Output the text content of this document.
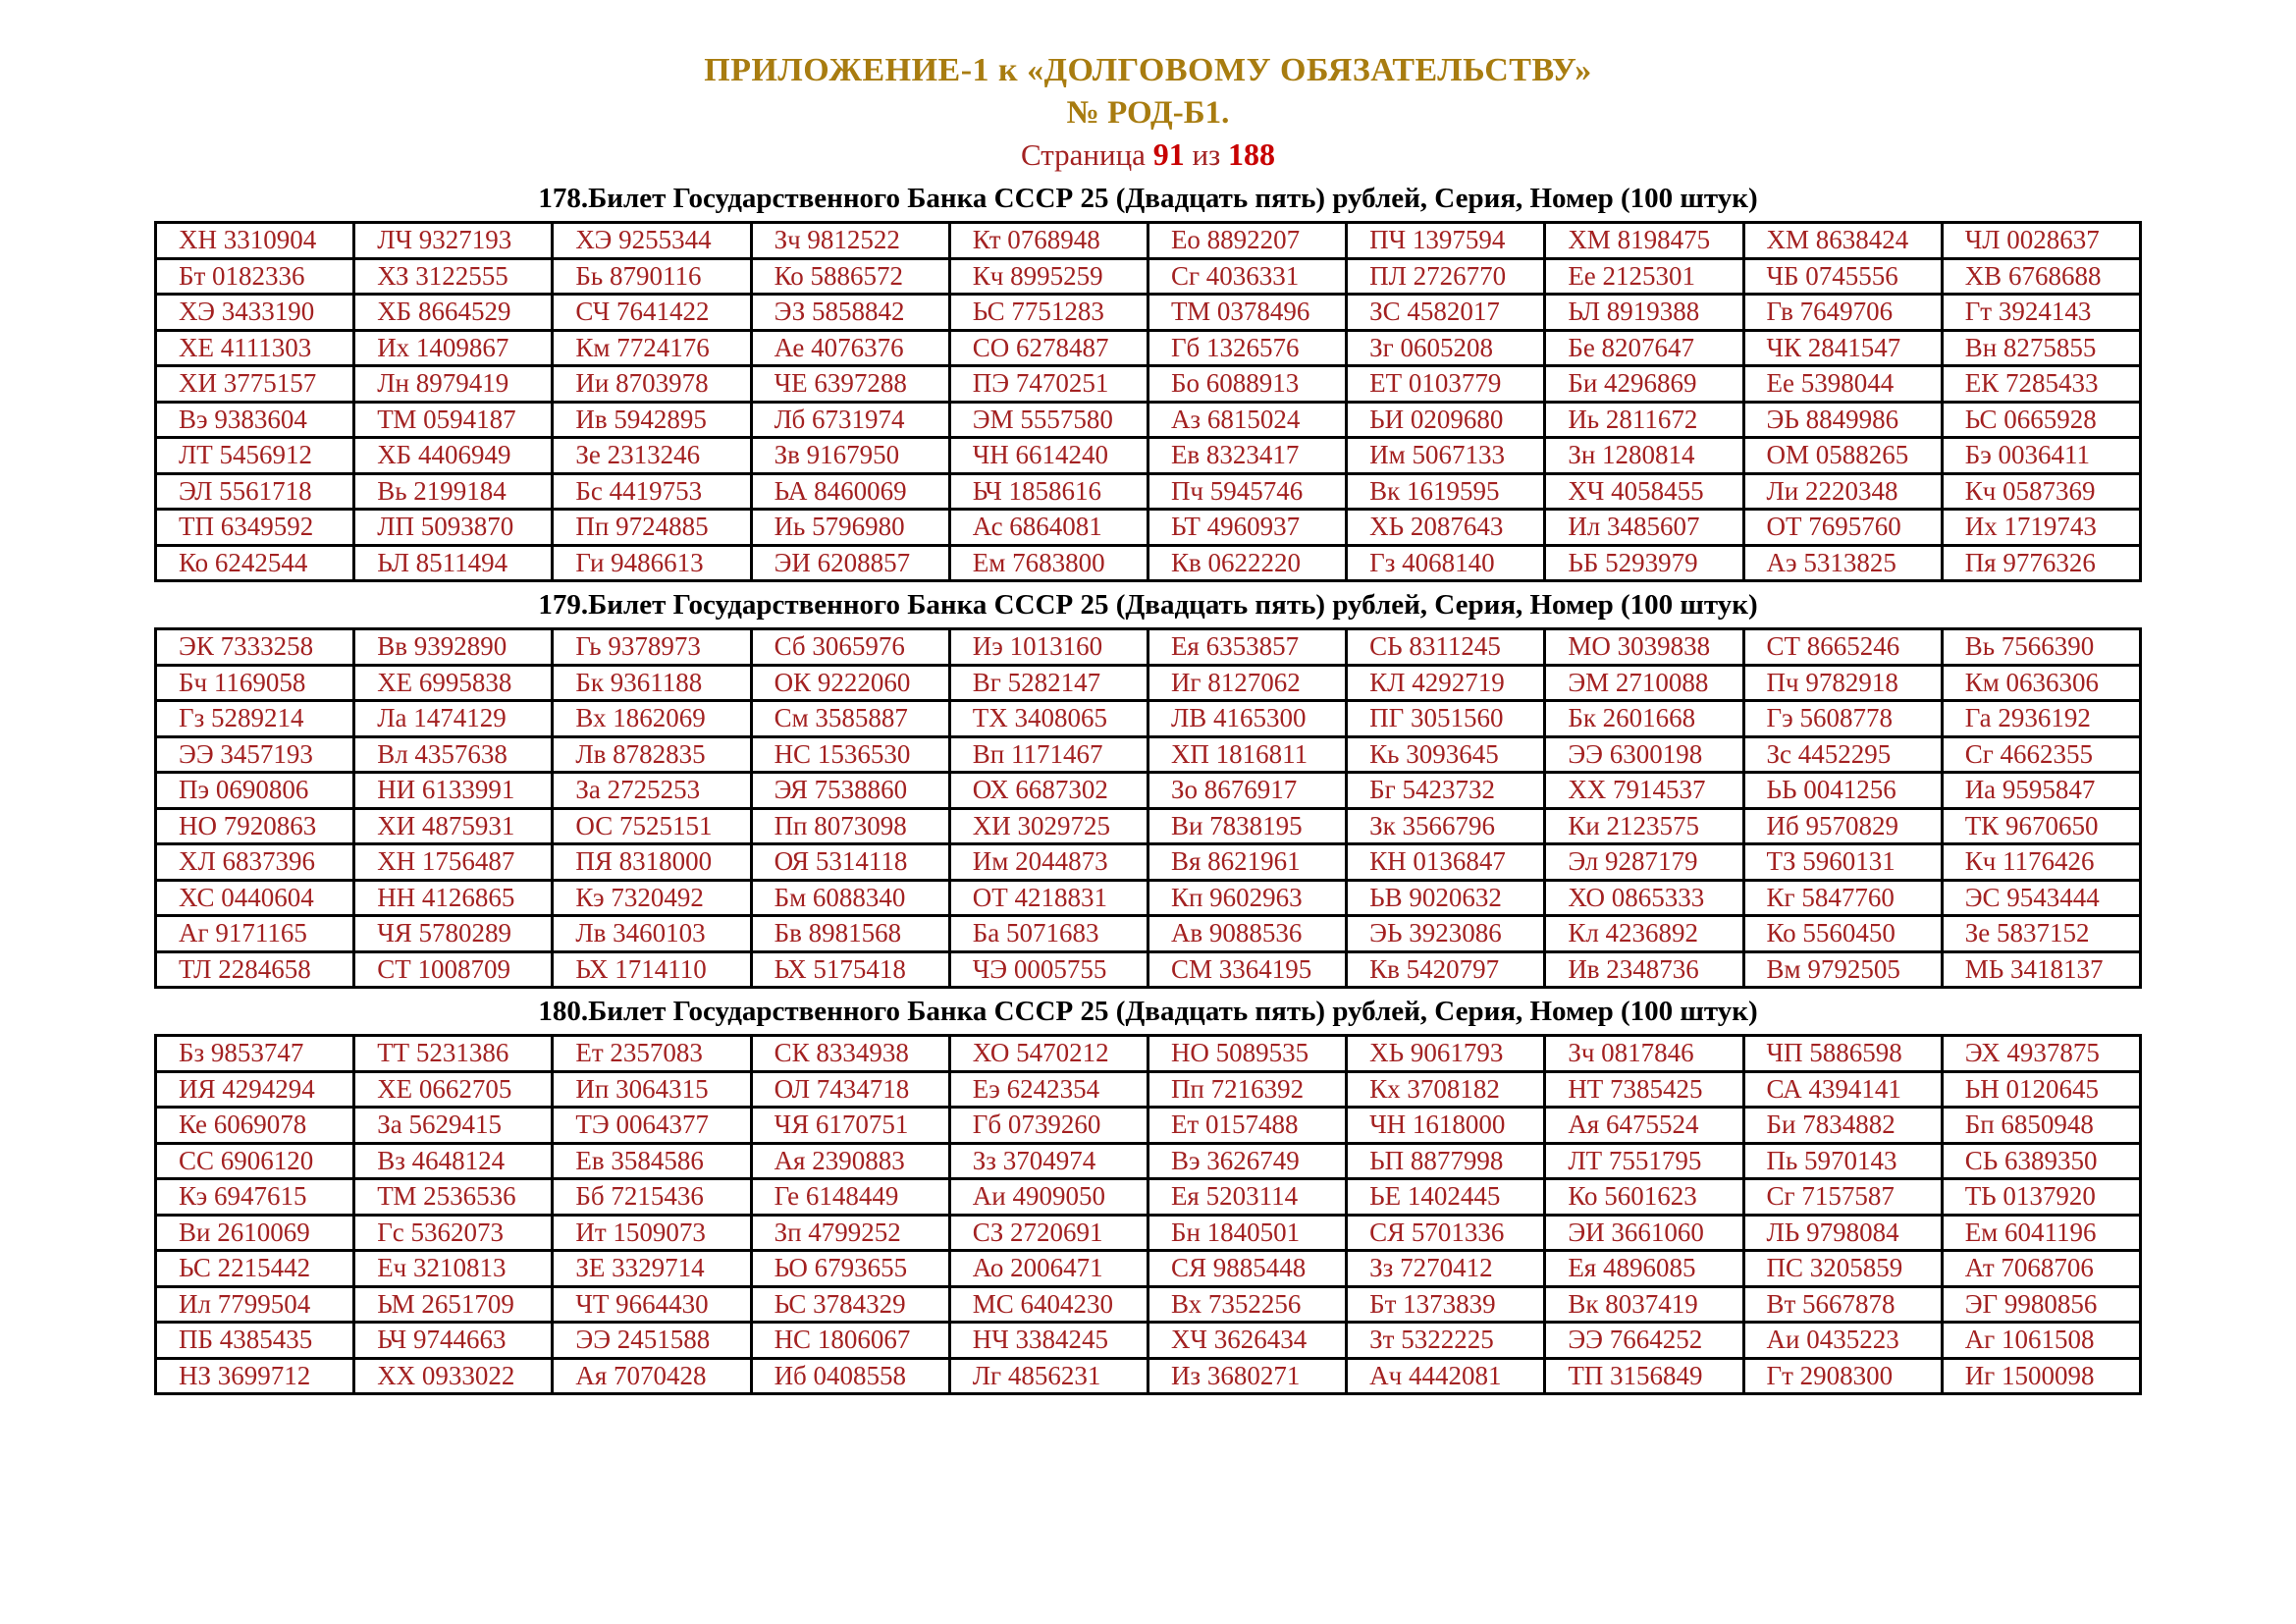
ПРИЛОЖЕНИЕ-1 к «ДОЛГОВОМУ ОБЯЗАТЕЛЬСТВУ»
№ РОД-Б1.
Страница 91 из 188
178.Билет Государственного Банка СССР 25 (Двадцать пять) рублей, Серия, Номер (100 штук)
ХН 3310904	ЛЧ 9327193	ХЭ 9255344	Зч 9812522	Кт 0768948	Ео 8892207	ПЧ 1397594	ХМ 8198475	ХМ 8638424	ЧЛ 0028637
Бт 0182336	ХЗ 3122555	Бь 8790116	Ко 5886572	Кч 8995259	Сг 4036331	ПЛ 2726770	Ее 2125301	ЧБ 0745556	ХВ 6768688
ХЭ 3433190	ХБ 8664529	СЧ 7641422	ЭЗ 5858842	ЬС 7751283	ТМ 0378496	ЗС 4582017	ЬЛ 8919388	Гв 7649706	Гт 3924143
ХЕ 4111303	Их 1409867	Км 7724176	Ае 4076376	СО 6278487	Гб 1326576	Зг 0605208	Бе 8207647	ЧК 2841547	Вн 8275855
ХИ 3775157	Лн 8979419	Ии 8703978	ЧЕ 6397288	ПЭ 7470251	Бо 6088913	ЕТ 0103779	Би 4296869	Ее 5398044	ЕК 7285433
Вэ 9383604	ТМ 0594187	Ив 5942895	Лб 6731974	ЭМ 5557580	Аз 6815024	ЬИ 0209680	Иь 2811672	ЭЬ 8849986	ЬС 0665928
ЛТ 5456912	ХБ 4406949	Зе 2313246	Зв 9167950	ЧН 6614240	Ев 8323417	Им 5067133	Зн 1280814	ОМ 0588265	Бэ 0036411
ЭЛ 5561718	Вь 2199184	Бс 4419753	ЬА 8460069	ЬЧ 1858616	Пч 5945746	Вк 1619595	ХЧ 4058455	Ли 2220348	Кч 0587369
ТП 6349592	ЛП 5093870	Пп 9724885	Иь 5796980	Ас 6864081	ЬТ 4960937	ХЬ 2087643	Ил 3485607	ОТ 7695760	Их 1719743
Ко 6242544	ЬЛ 8511494	Ги 9486613	ЭИ 6208857	Ем 7683800	Кв 0622220	Гз 4068140	ЬБ 5293979	Аэ 5313825	Пя 9776326
179.Билет Государственного Банка СССР 25 (Двадцать пять) рублей, Серия, Номер (100 штук)
ЭК 7333258	Вв 9392890	Гь 9378973	Сб 3065976	Иэ 1013160	Ея 6353857	СЬ 8311245	МО 3039838	СТ 8665246	Вь 7566390
Бч 1169058	ХЕ 6995838	Бк 9361188	ОК 9222060	Вг 5282147	Иг 8127062	КЛ 4292719	ЭМ 2710088	Пч 9782918	Км 0636306
Гз 5289214	Ла 1474129	Вх 1862069	См 3585887	ТХ 3408065	ЛВ 4165300	ПГ 3051560	Бк 2601668	Гэ 5608778	Га 2936192
ЭЭ 3457193	Вл 4357638	Лв 8782835	НС 1536530	Вп 1171467	ХП 1816811	Кь 3093645	ЭЭ 6300198	Зс 4452295	Сг 4662355
Пэ 0690806	НИ 6133991	За 2725253	ЭЯ 7538860	ОХ 6687302	Зо 8676917	Бг 5423732	ХХ 7914537	ЬЬ 0041256	Иа 9595847
НО 7920863	ХИ 4875931	ОС 7525151	Пп 8073098	ХИ 3029725	Ви 7838195	Зк 3566796	Ки 2123575	Иб 9570829	ТК 9670650
ХЛ 6837396	ХН 1756487	ПЯ 8318000	ОЯ 5314118	Им 2044873	Вя 8621961	КН 0136847	Эл 9287179	ТЗ 5960131	Кч 1176426
ХС 0440604	НН 4126865	Кэ 7320492	Бм 6088340	ОТ 4218831	Кп 9602963	ЬВ 9020632	ХО 0865333	Кг 5847760	ЭС 9543444
Аг 9171165	ЧЯ 5780289	Лв 3460103	Бв 8981568	Ба 5071683	Ав 9088536	ЭЬ 3923086	Кл 4236892	Ко 5560450	Зе 5837152
ТЛ 2284658	СТ 1008709	ЬХ 1714110	ЬХ 5175418	ЧЭ 0005755	СМ 3364195	Кв 5420797	Ив 2348736	Вм 9792505	МЬ 3418137
180.Билет Государственного Банка СССР 25 (Двадцать пять) рублей, Серия, Номер (100 штук)
Бз 9853747	ТТ 5231386	Ет 2357083	СК 8334938	ХО 5470212	НО 5089535	ХЬ 9061793	Зч 0817846	ЧП 5886598	ЭХ 4937875
ИЯ 4294294	ХЕ 0662705	Ип 3064315	ОЛ 7434718	Еэ 6242354	Пп 7216392	Кх 3708182	НТ 7385425	СА 4394141	ЬН 0120645
Ке 6069078	За 5629415	ТЭ 0064377	ЧЯ 6170751	Гб 0739260	Ет 0157488	ЧН 1618000	Ая 6475524	Би 7834882	Бп 6850948
СС 6906120	Вз 4648124	Ев 3584586	Ая 2390883	Зз 3704974	Вэ 3626749	ЬП 8877998	ЛТ 7551795	Пь 5970143	СЬ 6389350
Кэ 6947615	ТМ 2536536	Бб 7215436	Ге 6148449	Аи 4909050	Ея 5203114	ЬЕ 1402445	Ко 5601623	Сг 7157587	ТЬ 0137920
Ви 2610069	Гс 5362073	Ит 1509073	Зп 4799252	СЗ 2720691	Бн 1840501	СЯ 5701336	ЭИ 3661060	ЛЬ 9798084	Ем 6041196
ЬС 2215442	Еч 3210813	ЗЕ 3329714	ЬО 6793655	Ао 2006471	СЯ 9885448	Зз 7270412	Ея 4896085	ПС 3205859	Ат 7068706
Ил 7799504	ЬМ 2651709	ЧТ 9664430	ЬС 3784329	МС 6404230	Вх 7352256	Бт 1373839	Вк 8037419	Вт 5667878	ЭГ 9980856
ПБ 4385435	ЬЧ 9744663	ЭЭ 2451588	НС 1806067	НЧ 3384245	ХЧ 3626434	Зт 5322225	ЭЭ 7664252	Аи 0435223	Аг 1061508
НЗ 3699712	ХХ 0933022	Ая 7070428	Иб 0408558	Лг 4856231	Из 3680271	Ач 4442081	ТП 3156849	Гт 2908300	Иг 1500098
